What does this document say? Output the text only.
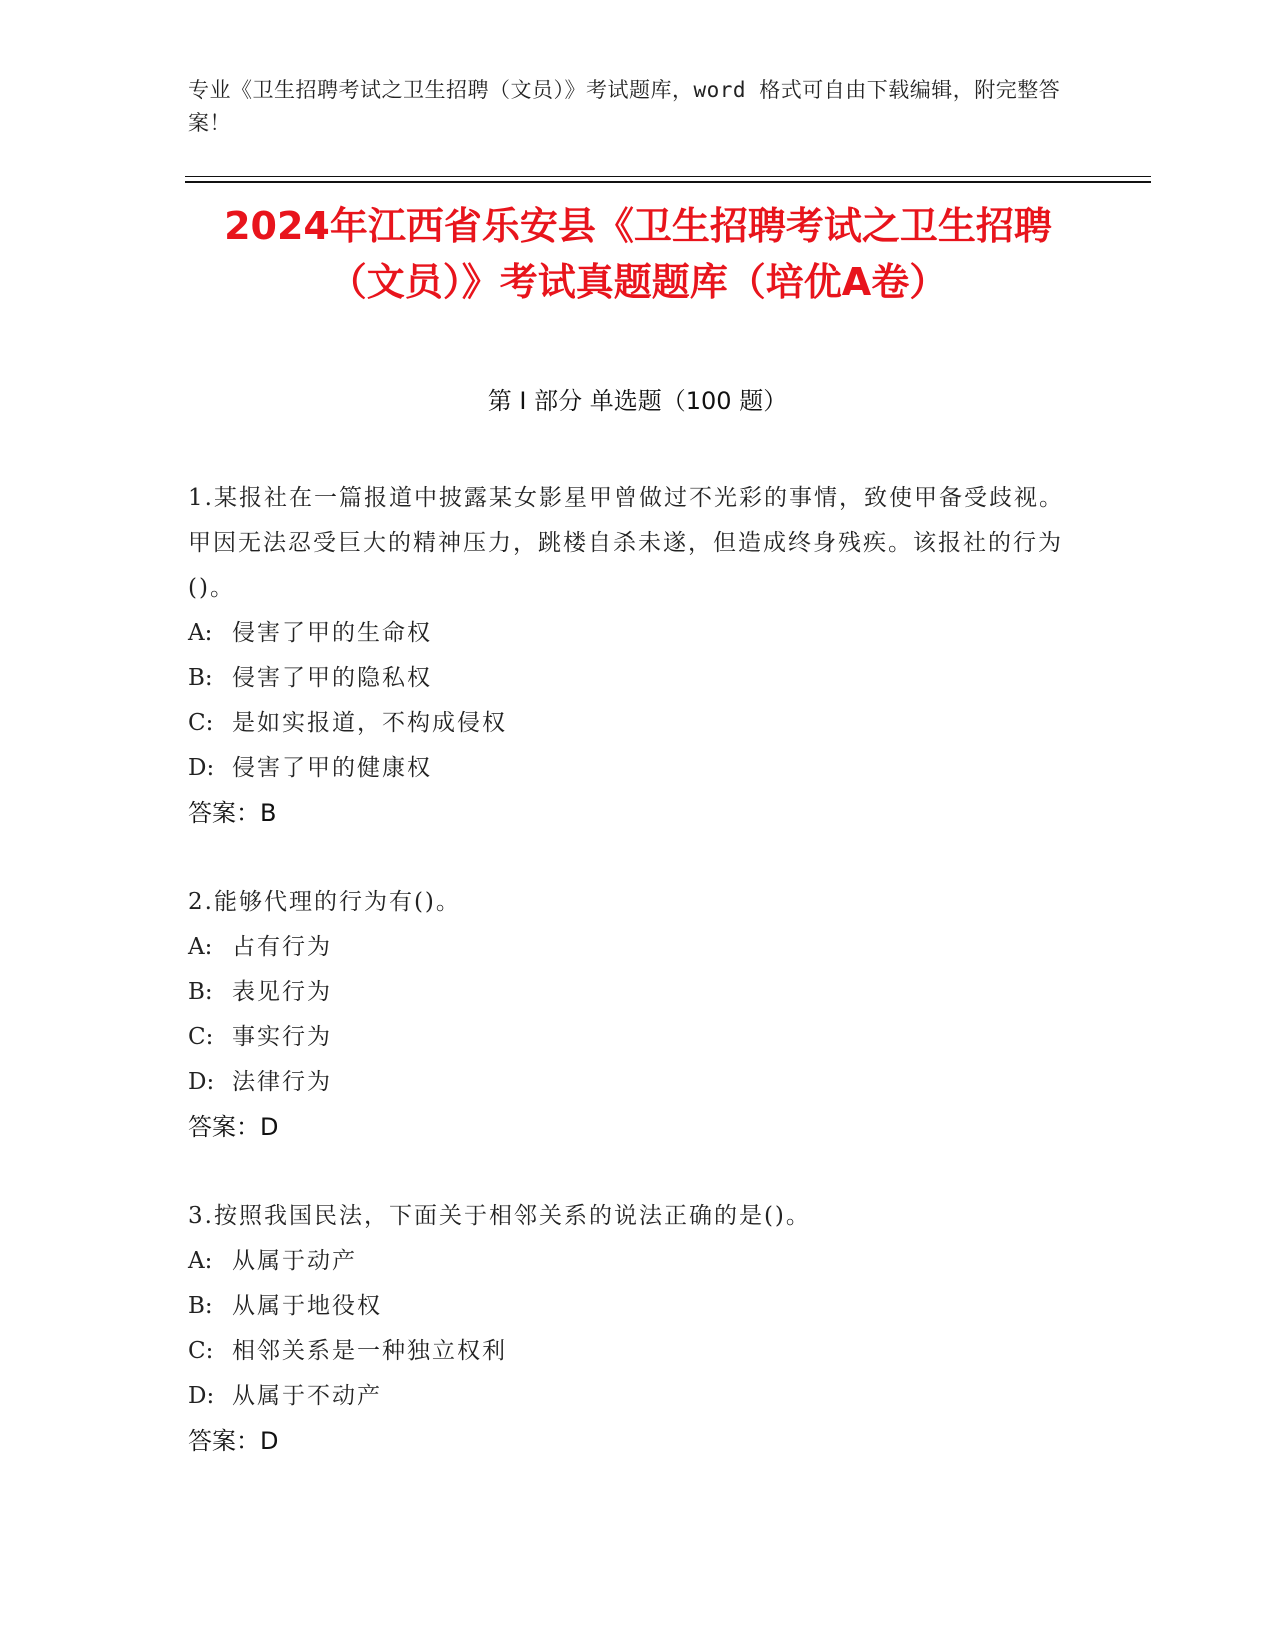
专业《卫生招聘考试之卫生招聘（文员）》考试题库，word 格式可自由下载编辑，附完整答案！
2024年江西省乐安县《卫生招聘考试之卫生招聘（文员）》考试真题题库（培优A卷）
第 I 部分 单选题（100 题）
1.某报社在一篇报道中披露某女影星甲曾做过不光彩的事情，致使甲备受歧视。甲因无法忍受巨大的精神压力，跳楼自杀未遂，但造成终身残疾。该报社的行为()。
A: 侵害了甲的生命权
B: 侵害了甲的隐私权
C: 是如实报道，不构成侵权
D: 侵害了甲的健康权
答案：B
2.能够代理的行为有()。
A: 占有行为
B: 表见行为
C: 事实行为
D: 法律行为
答案：D
3.按照我国民法，下面关于相邻关系的说法正确的是()。
A: 从属于动产
B: 从属于地役权
C: 相邻关系是一种独立权利
D: 从属于不动产
答案：D
